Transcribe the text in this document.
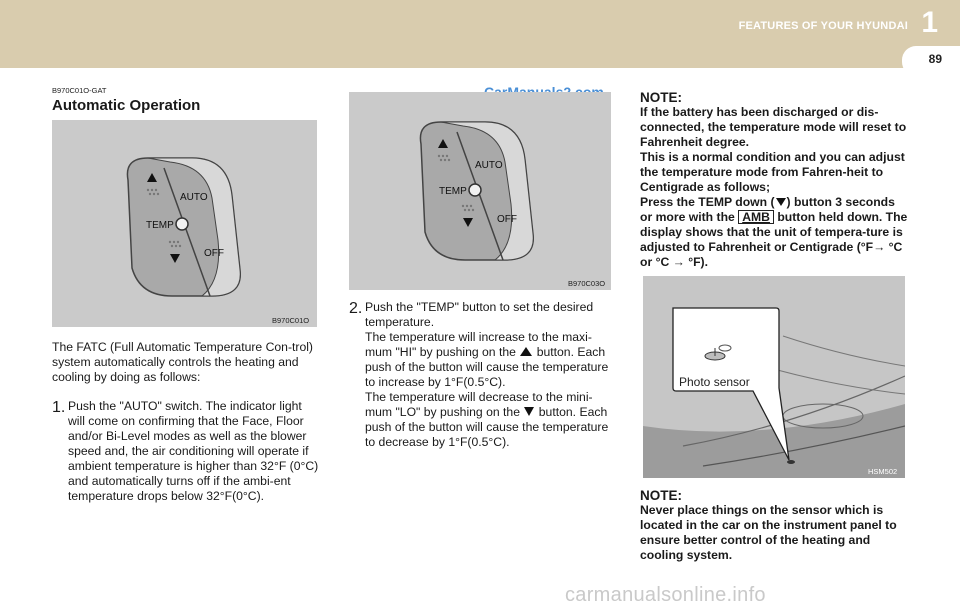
FEATURES OF YOUR HYUNDAI 1
89
B970C01O-GAT
Automatic Operation
AUTO
TEMP
OFF
B970C01O

The FATC (Full Automatic Temperature Con-trol) system automatically controls the heating and cooling by doing as follows:

1. Push the "AUTO" switch. The indicator light will come on confirming that the Face, Floor and/or Bi-Level modes as well as the blower speed and, the air conditioning will operate if ambient temperature is higher than 32°F (0°C) and automatically turns off if the ambi-ent temperature drops below 32°F(0°C).

AUTO
TEMP
OFF
B970C03O
2. Push the "TEMP" button to set the desired temperature.

The temperature will increase to the maxi-mum "HI" by pushing on the button. Each push of the button will cause the temperature to increase by 1°F(0.5°C).

The temperature will decrease to the mini-mum "LO" by pushing on the button. Each push of the button will cause the temperature to decrease by 1°F(0.5°C).

NOTE:
If the battery has been discharged or dis-connected, the temperature mode will reset to Fahrenheit degree.
This is a normal condition and you can adjust the temperature mode from Fahren-heit to Centigrade as follows;
Press the TEMP down ( ) button 3 seconds or more with the AMB button held down. The display shows that the unit of tempera-ture is adjusted to Fahrenheit or Centigrade (°F→ °C or °C → °F).
Photo sensor
HSM502
NOTE:
Never place things on the sensor which is located in the car on the instrument panel to ensure better control of the heating and cooling system.
carmanualsonline.info
